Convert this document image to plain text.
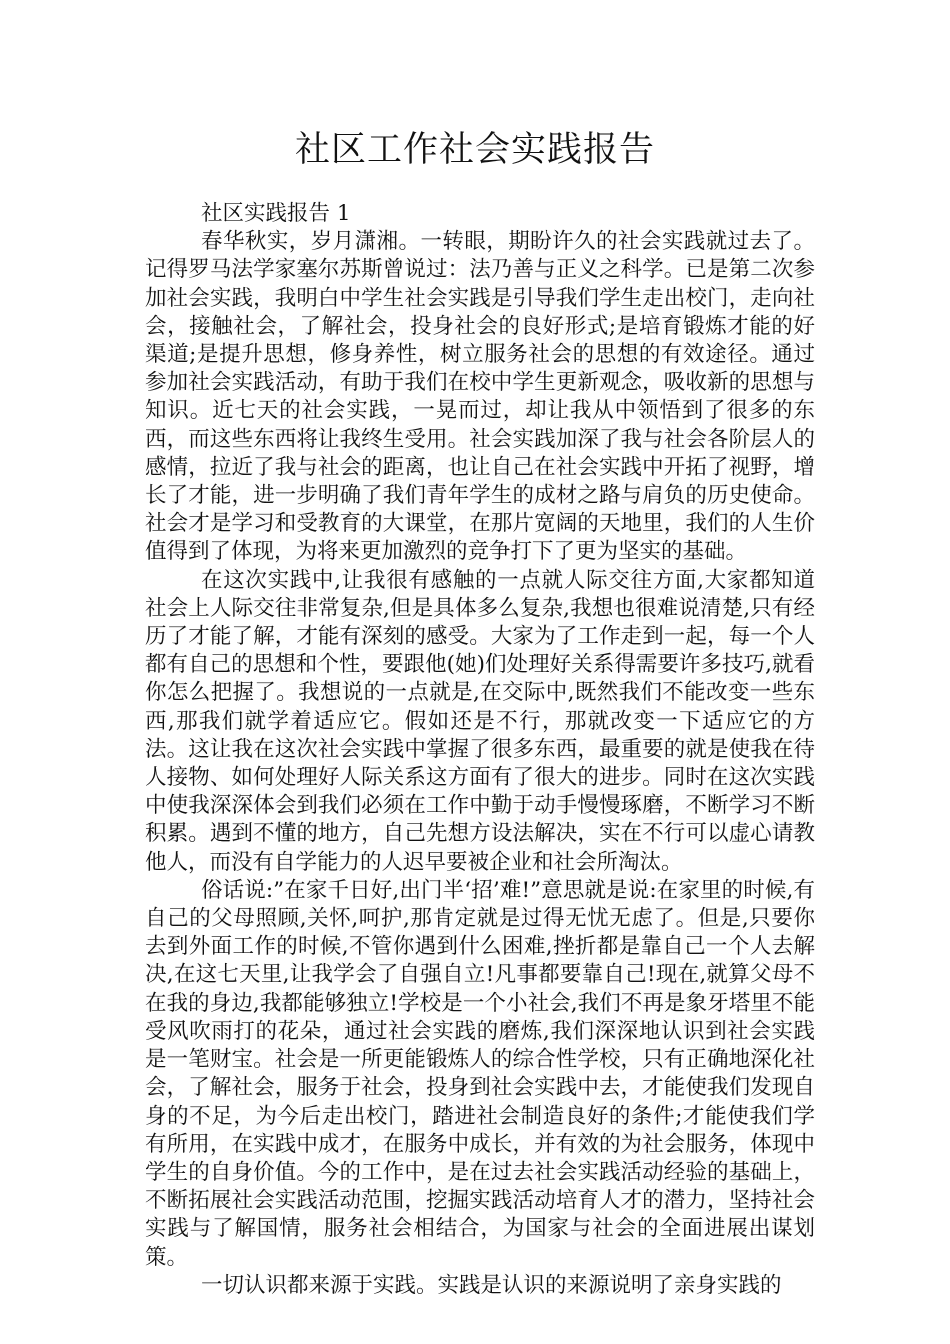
社区工作社会实践报告

社区实践报告 1

春华秋实，岁月潇湘。一转眼，期盼许久的社会实践就过去了。记得罗马法学家塞尔苏斯曾说过：法乃善与正义之科学。已是第二次参加社会实践，我明白中学生社会实践是引导我们学生走出校门，走向社会，接触社会，了解社会，投身社会的良好形式;是培育锻炼才能的好渠道;是提升思想，修身养性，树立服务社会的思想的有效途径。通过参加社会实践活动，有助于我们在校中学生更新观念，吸收新的思想与知识。近七天的社会实践，一晃而过，却让我从中领悟到了很多的东西，而这些东西将让我终生受用。社会实践加深了我与社会各阶层人的感情，拉近了我与社会的距离，也让自己在社会实践中开拓了视野，增长了才能，进一步明确了我们青年学生的成材之路与肩负的历史使命。社会才是学习和受教育的大课堂，在那片宽阔的天地里，我们的人生价值得到了体现，为将来更加激烈的竞争打下了更为坚实的基础。

在这次实践中,让我很有感触的一点就人际交往方面,大家都知道社会上人际交往非常复杂,但是具体多么复杂,我想也很难说清楚,只有经历了才能了解，才能有深刻的感受。大家为了工作走到一起，每一个人都有自己的思想和个性，要跟他(她)们处理好关系得需要许多技巧,就看你怎么把握了。我想说的一点就是,在交际中,既然我们不能改变一些东西,那我们就学着适应它。假如还是不行，那就改变一下适应它的方法。这让我在这次社会实践中掌握了很多东西，最重要的就是使我在待人接物、如何处理好人际关系这方面有了很大的进步。同时在这次实践中使我深深体会到我们必须在工作中勤于动手慢慢琢磨，不断学习不断积累。遇到不懂的地方，自己先想方设法解决，实在不行可以虚心请教他人，而没有自学能力的人迟早要被企业和社会所淘汰。

俗话说:”在家千日好,出门半‘招’难!”意思就是说:在家里的时候,有自己的父母照顾,关怀,呵护,那肯定就是过得无忧无虑了。但是,只要你去到外面工作的时候,不管你遇到什么困难,挫折都是靠自己一个人去解决,在这七天里,让我学会了自强自立!凡事都要靠自己!现在,就算父母不在我的身边,我都能够独立!学校是一个小社会,我们不再是象牙塔里不能受风吹雨打的花朵，通过社会实践的磨炼,我们深深地认识到社会实践是一笔财宝。社会是一所更能锻炼人的综合性学校，只有正确地深化社会，了解社会，服务于社会，投身到社会实践中去，才能使我们发现自身的不足，为今后走出校门，踏进社会制造良好的条件;才能使我们学有所用，在实践中成才，在服务中成长，并有效的为社会服务，体现中学生的自身价值。今的工作中，是在过去社会实践活动经验的基础上，不断拓展社会实践活动范围，挖掘实践活动培育人才的潜力，坚持社会实践与了解国情，服务社会相结合，为国家与社会的全面进展出谋划策。

一切认识都来源于实践。实践是认识的来源说明了亲身实践的
